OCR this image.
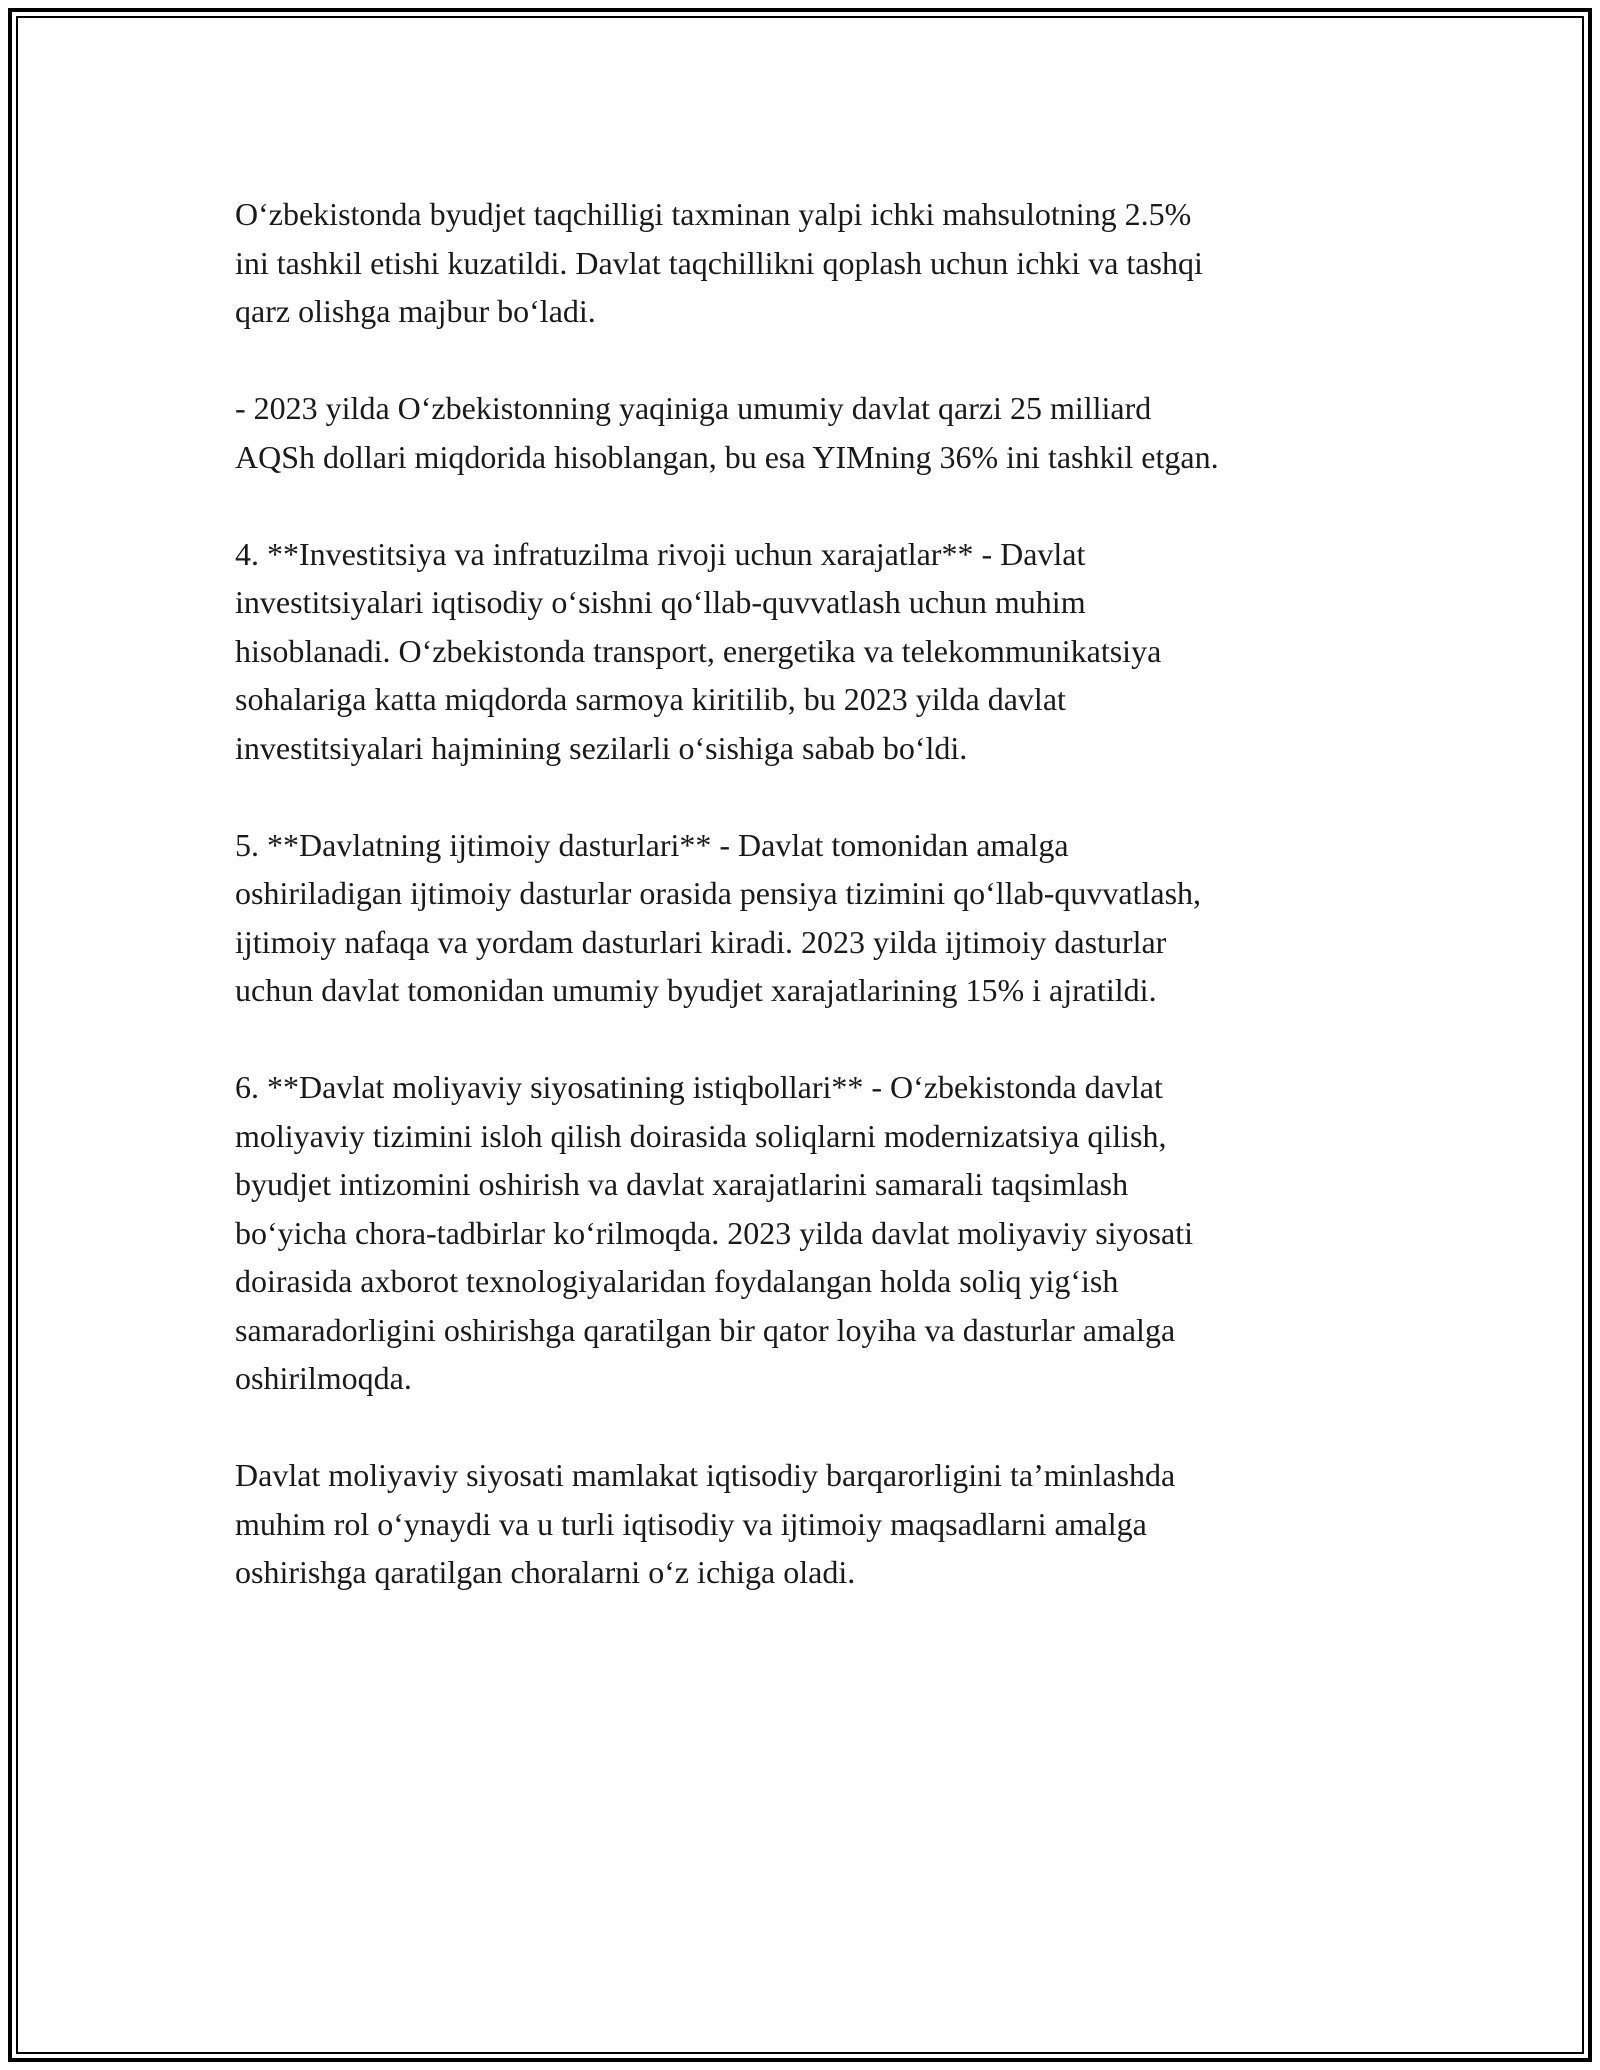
O‘zbekistonda byudjet taqchilligi taxminan yalpi ichki mahsulotning 2.5%
ini tashkil etishi kuzatildi. Davlat taqchillikni qoplash uchun ichki va tashqi
qarz olishga majbur bo‘ladi.

- 2023 yilda O‘zbekistonning yaqiniga umumiy davlat qarzi 25 milliard
AQSh dollari miqdorida hisoblangan, bu esa YIMning 36% ini tashkil etgan.

4. **Investitsiya va infratuzilma rivoji uchun xarajatlar** - Davlat
investitsiyalari iqtisodiy o‘sishni qo‘llab-quvvatlash uchun muhim
hisoblanadi. O‘zbekistonda transport, energetika va telekommunikatsiya
sohalariga katta miqdorda sarmoya kiritilib, bu 2023 yilda davlat
investitsiyalari hajmining sezilarli o‘sishiga sabab bo‘ldi.

5. **Davlatning ijtimoiy dasturlari** - Davlat tomonidan amalga
oshiriladigan ijtimoiy dasturlar orasida pensiya tizimini qo‘llab-quvvatlash,
ijtimoiy nafaqa va yordam dasturlari kiradi. 2023 yilda ijtimoiy dasturlar
uchun davlat tomonidan umumiy byudjet xarajatlarining 15% i ajratildi.

6. **Davlat moliyaviy siyosatining istiqbollari** - O‘zbekistonda davlat
moliyaviy tizimini isloh qilish doirasida soliqlarni modernizatsiya qilish,
byudjet intizomini oshirish va davlat xarajatlarini samarali taqsimlash
bo‘yicha chora-tadbirlar ko‘rilmoqda. 2023 yilda davlat moliyaviy siyosati
doirasida axborot texnologiyalaridan foydalangan holda soliq yig‘ish
samaradorligini oshirishga qaratilgan bir qator loyiha va dasturlar amalga
oshirilmoqda.

Davlat moliyaviy siyosati mamlakat iqtisodiy barqarorligini ta’minlashda
muhim rol o‘ynaydi va u turli iqtisodiy va ijtimoiy maqsadlarni amalga
oshirishga qaratilgan choralarni o‘z ichiga oladi.
